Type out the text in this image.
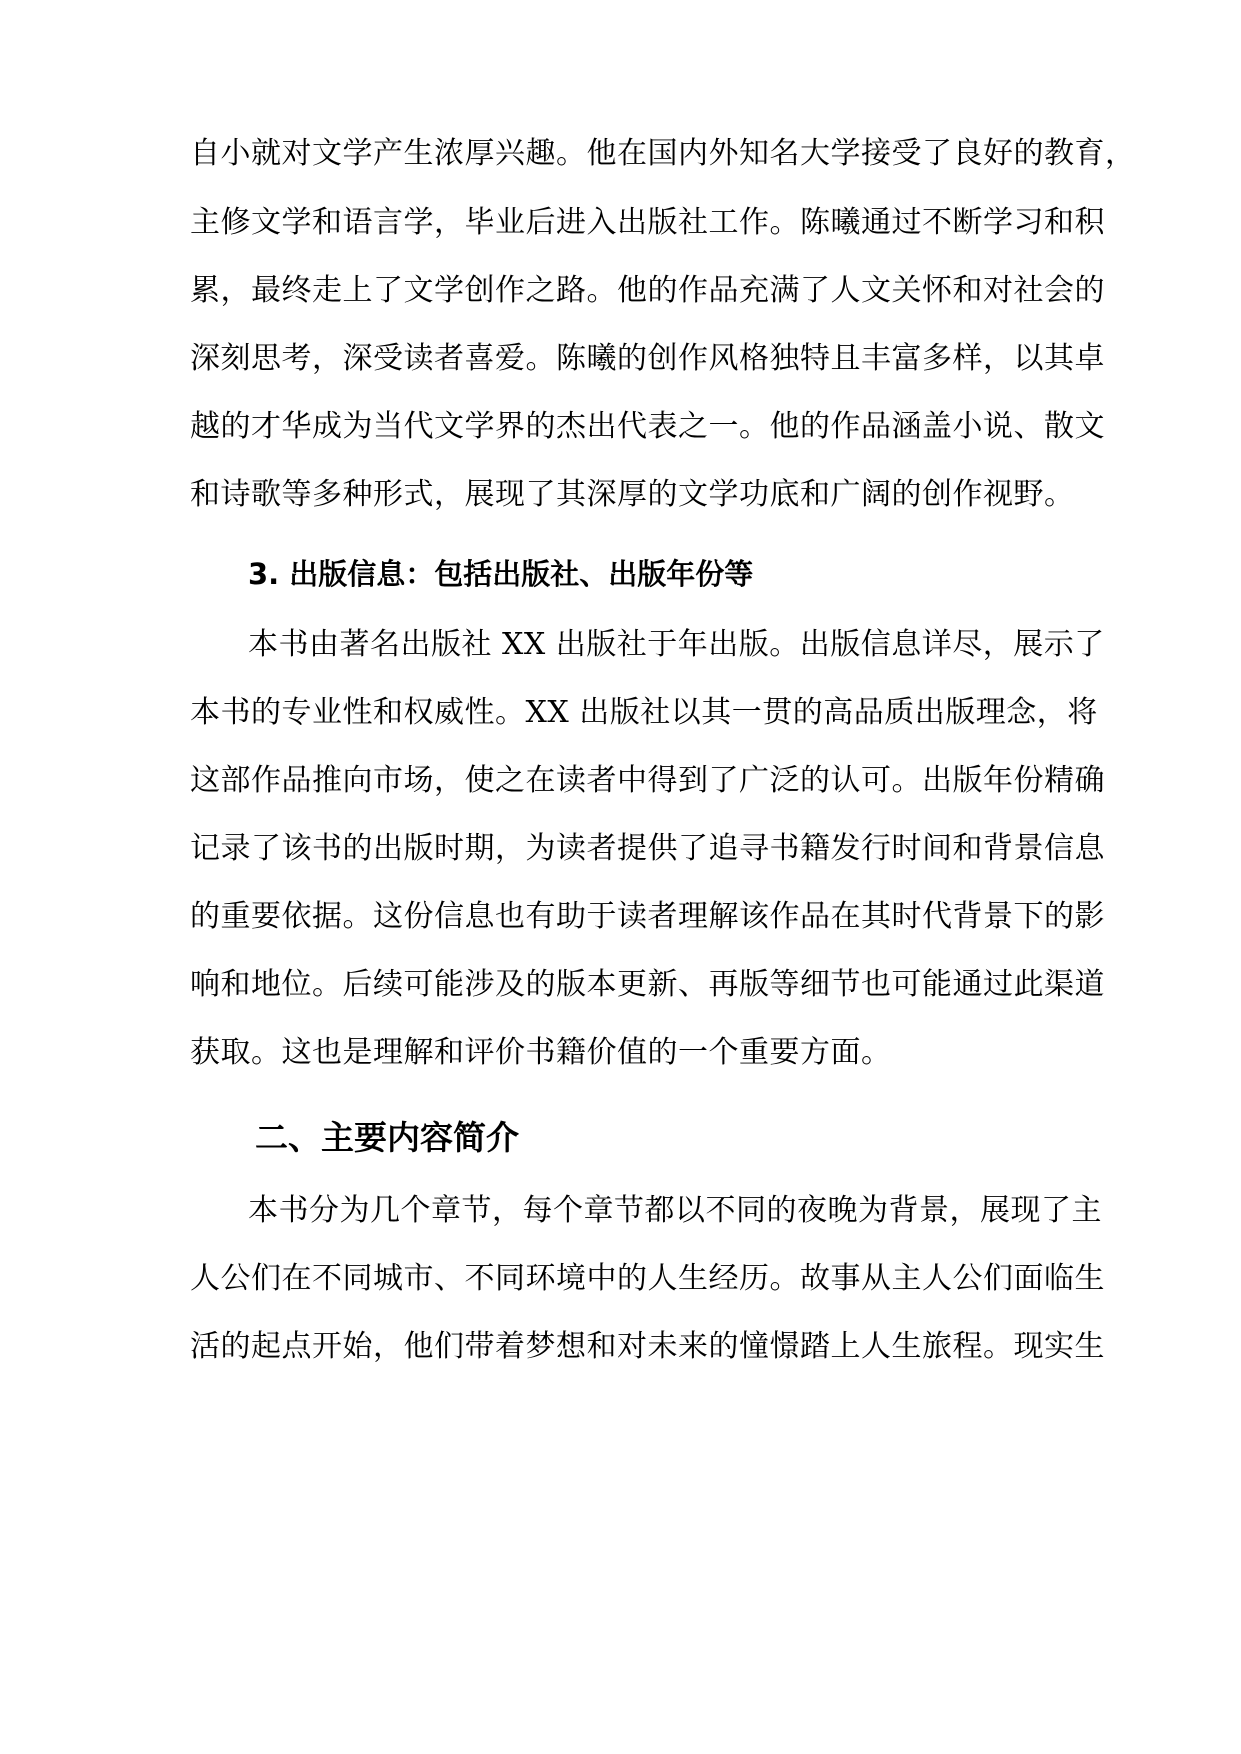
自小就对文学产生浓厚兴趣。他在国内外知名大学接受了良好的教育，
主修文学和语言学，毕业后进入出版社工作。陈曦通过不断学习和积
累，最终走上了文学创作之路。他的作品充满了人文关怀和对社会的
深刻思考，深受读者喜爱。陈曦的创作风格独特且丰富多样，以其卓
越的才华成为当代文学界的杰出代表之一。他的作品涵盖小说、散文
和诗歌等多种形式，展现了其深厚的文学功底和广阔的创作视野。
3. 出版信息：包括出版社、出版年份等
本书由著名出版社 XX 出版社于年出版。出版信息详尽，展示了
本书的专业性和权威性。XX 出版社以其一贯的高品质出版理念，将
这部作品推向市场，使之在读者中得到了广泛的认可。出版年份精确
记录了该书的出版时期，为读者提供了追寻书籍发行时间和背景信息
的重要依据。这份信息也有助于读者理解该作品在其时代背景下的影
响和地位。后续可能涉及的版本更新、再版等细节也可能通过此渠道
获取。这也是理解和评价书籍价值的一个重要方面。
二、主要内容简介
本书分为几个章节，每个章节都以不同的夜晚为背景，展现了主
人公们在不同城市、不同环境中的人生经历。故事从主人公们面临生
活的起点开始，他们带着梦想和对未来的憧憬踏上人生旅程。现实生
